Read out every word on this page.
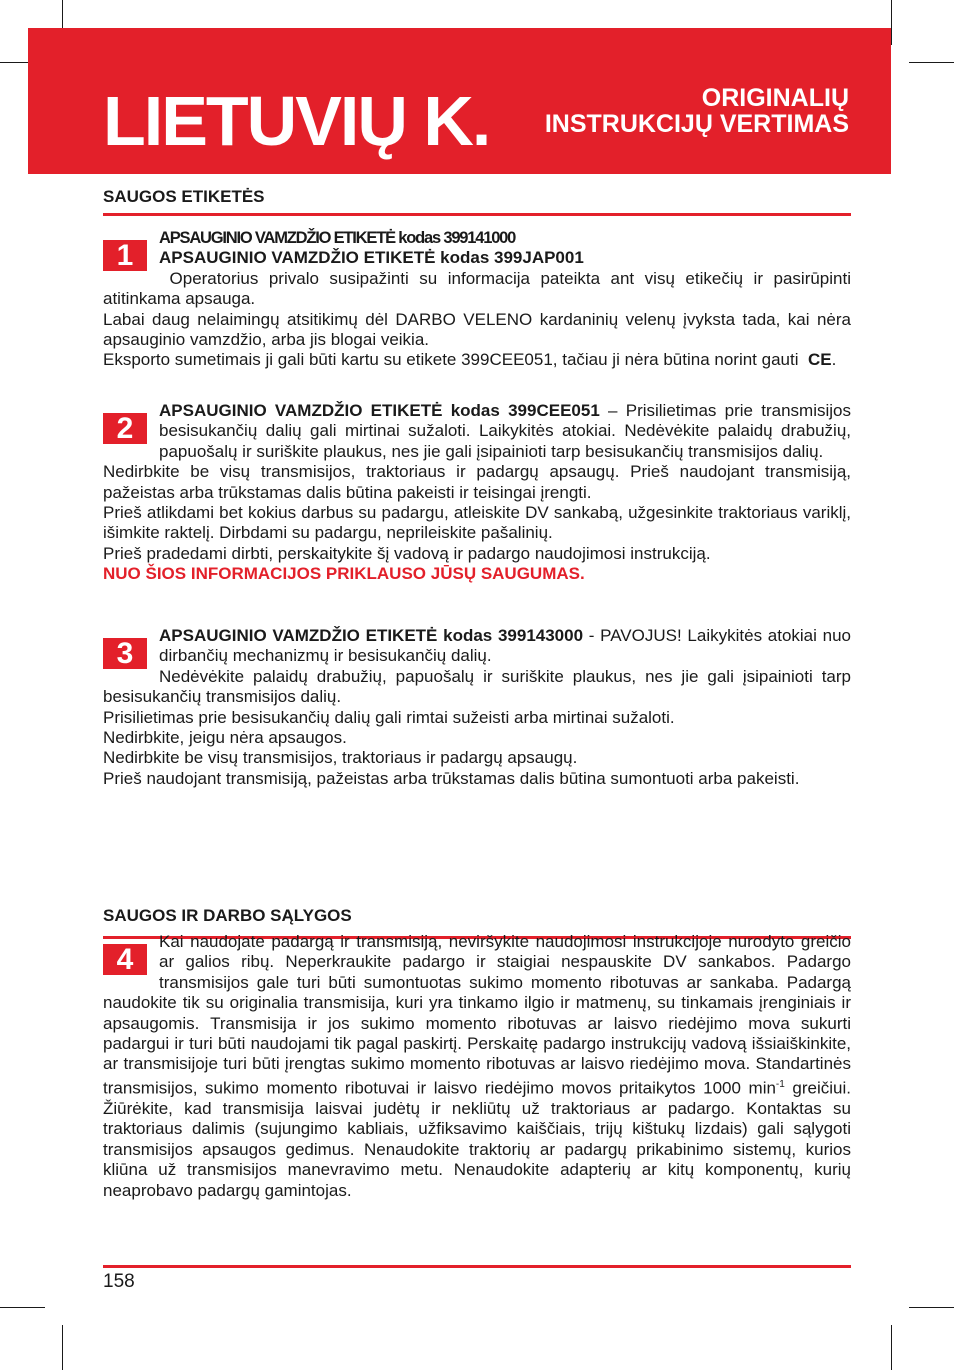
LIETUVIŲ K.	ORIGINALIŲ
INSTRUKCIJŲ VERTIMAS
SAUGOS ETIKETĖS
1

APSAUGINIO VAMZDŽIO ETIKETĖ kodas 399141000

APSAUGINIO VAMZDŽIO ETIKETĖ kodas 399JAP001

Operatorius privalo susipažinti su informacija pateikta ant visų etikečių ir pasirūpinti atitinkama apsauga.

Labai daug nelaimingų atsitikimų dėl DARBO VELENO kardaninių velenų įvyksta tada, kai nėra apsauginio vamzdžio, arba jis blogai veikia.

Eksporto sumetimais ji gali būti kartu su etikete 399CEE051, tačiau ji nėra būtina norint gauti CE.

2

APSAUGINIO VAMZDŽIO ETIKETĖ kodas 399CEE051 – Prisilietimas prie transmisijos besisukančių dalių gali mirtinai sužaloti. Laikykitės atokiai. Nedėvėkite palaidų drabužių, papuošalų ir suriškite plaukus, nes jie gali įsipainioti tarp besisukančių transmisijos dalių.

Nedirbkite be visų transmisijos, traktoriaus ir padargų apsaugų. Prieš naudojant transmisiją, pažeistas arba trūkstamas dalis būtina pakeisti ir teisingai įrengti.

Prieš atlikdami bet kokius darbus su padargu, atleiskite DV sankabą, užgesinkite traktoriaus variklį, išimkite raktelį. Dirbdami su padargu, neprileiskite pašalinių.

Prieš pradedami dirbti, perskaitykite šį vadovą ir padargo naudojimosi instrukciją.

NUO ŠIOS INFORMACIJOS PRIKLAUSO JŪSŲ SAUGUMAS.

3

APSAUGINIO VAMZDŽIO ETIKETĖ kodas 399143000 - PAVOJUS! Laikykitės atokiai nuo dirbančių mechanizmų ir besisukančių dalių.

Nedėvėkite palaidų drabužių, papuošalų ir suriškite plaukus, nes jie gali įsipainioti tarp besisukančių transmisijos dalių.

Prisilietimas prie besisukančių dalių gali rimtai sužeisti arba mirtinai sužaloti.

Nedirbkite, jeigu nėra apsaugos.

Nedirbkite be visų transmisijos, traktoriaus ir padargų apsaugų.

Prieš naudojant transmisiją, pažeistas arba trūkstamas dalis būtina sumontuoti arba pakeisti.

SAUGOS IR DARBO SĄLYGOS
4

Kai naudojate padargą ir transmisiją, neviršykite naudojimosi instrukcijoje nurodyto greičio ar galios ribų. Neperkraukite padargo ir staigiai nespauskite DV sankabos. Padargo transmisijos gale turi būti sumontuotas sukimo momento ribotuvas ar sankaba. Padargą naudokite tik su originalia transmisija, kuri yra tinkamo ilgio ir matmenų, su tinkamais įrenginiais ir apsaugomis. Transmisija ir jos sukimo momento ribotuvas ar laisvo riedėjimo mova sukurti padargui ir turi būti naudojami tik pagal paskirtį. Perskaitę padargo instrukcijų vadovą išsiaiškinkite, ar transmisijoje turi būti įrengtas sukimo momento ribotuvas ar laisvo riedėjimo mova. Standartinės transmisijos, sukimo momento ribotuvai ir laisvo riedėjimo movos pritaikytos 1000 $\min^{-1}$ greičiui. Žiūrėkite, kad transmisija laisvai judėtų ir nekliūtų už traktoriaus ar padargo. Kontaktas su traktoriaus dalimis (sujungimo kabliais, užfiksavimo kaiščiais, trijų kištukų lizdais) gali sąlygoti transmisijos apsaugos gedimus. Nenaudokite traktorių ar padargų prikabinimo sistemų, kurios kliūna už transmisijos manevravimo metu. Nenaudokite adapterių ar kitų komponentų, kurių neaprobavo padargų gamintojas.

158
